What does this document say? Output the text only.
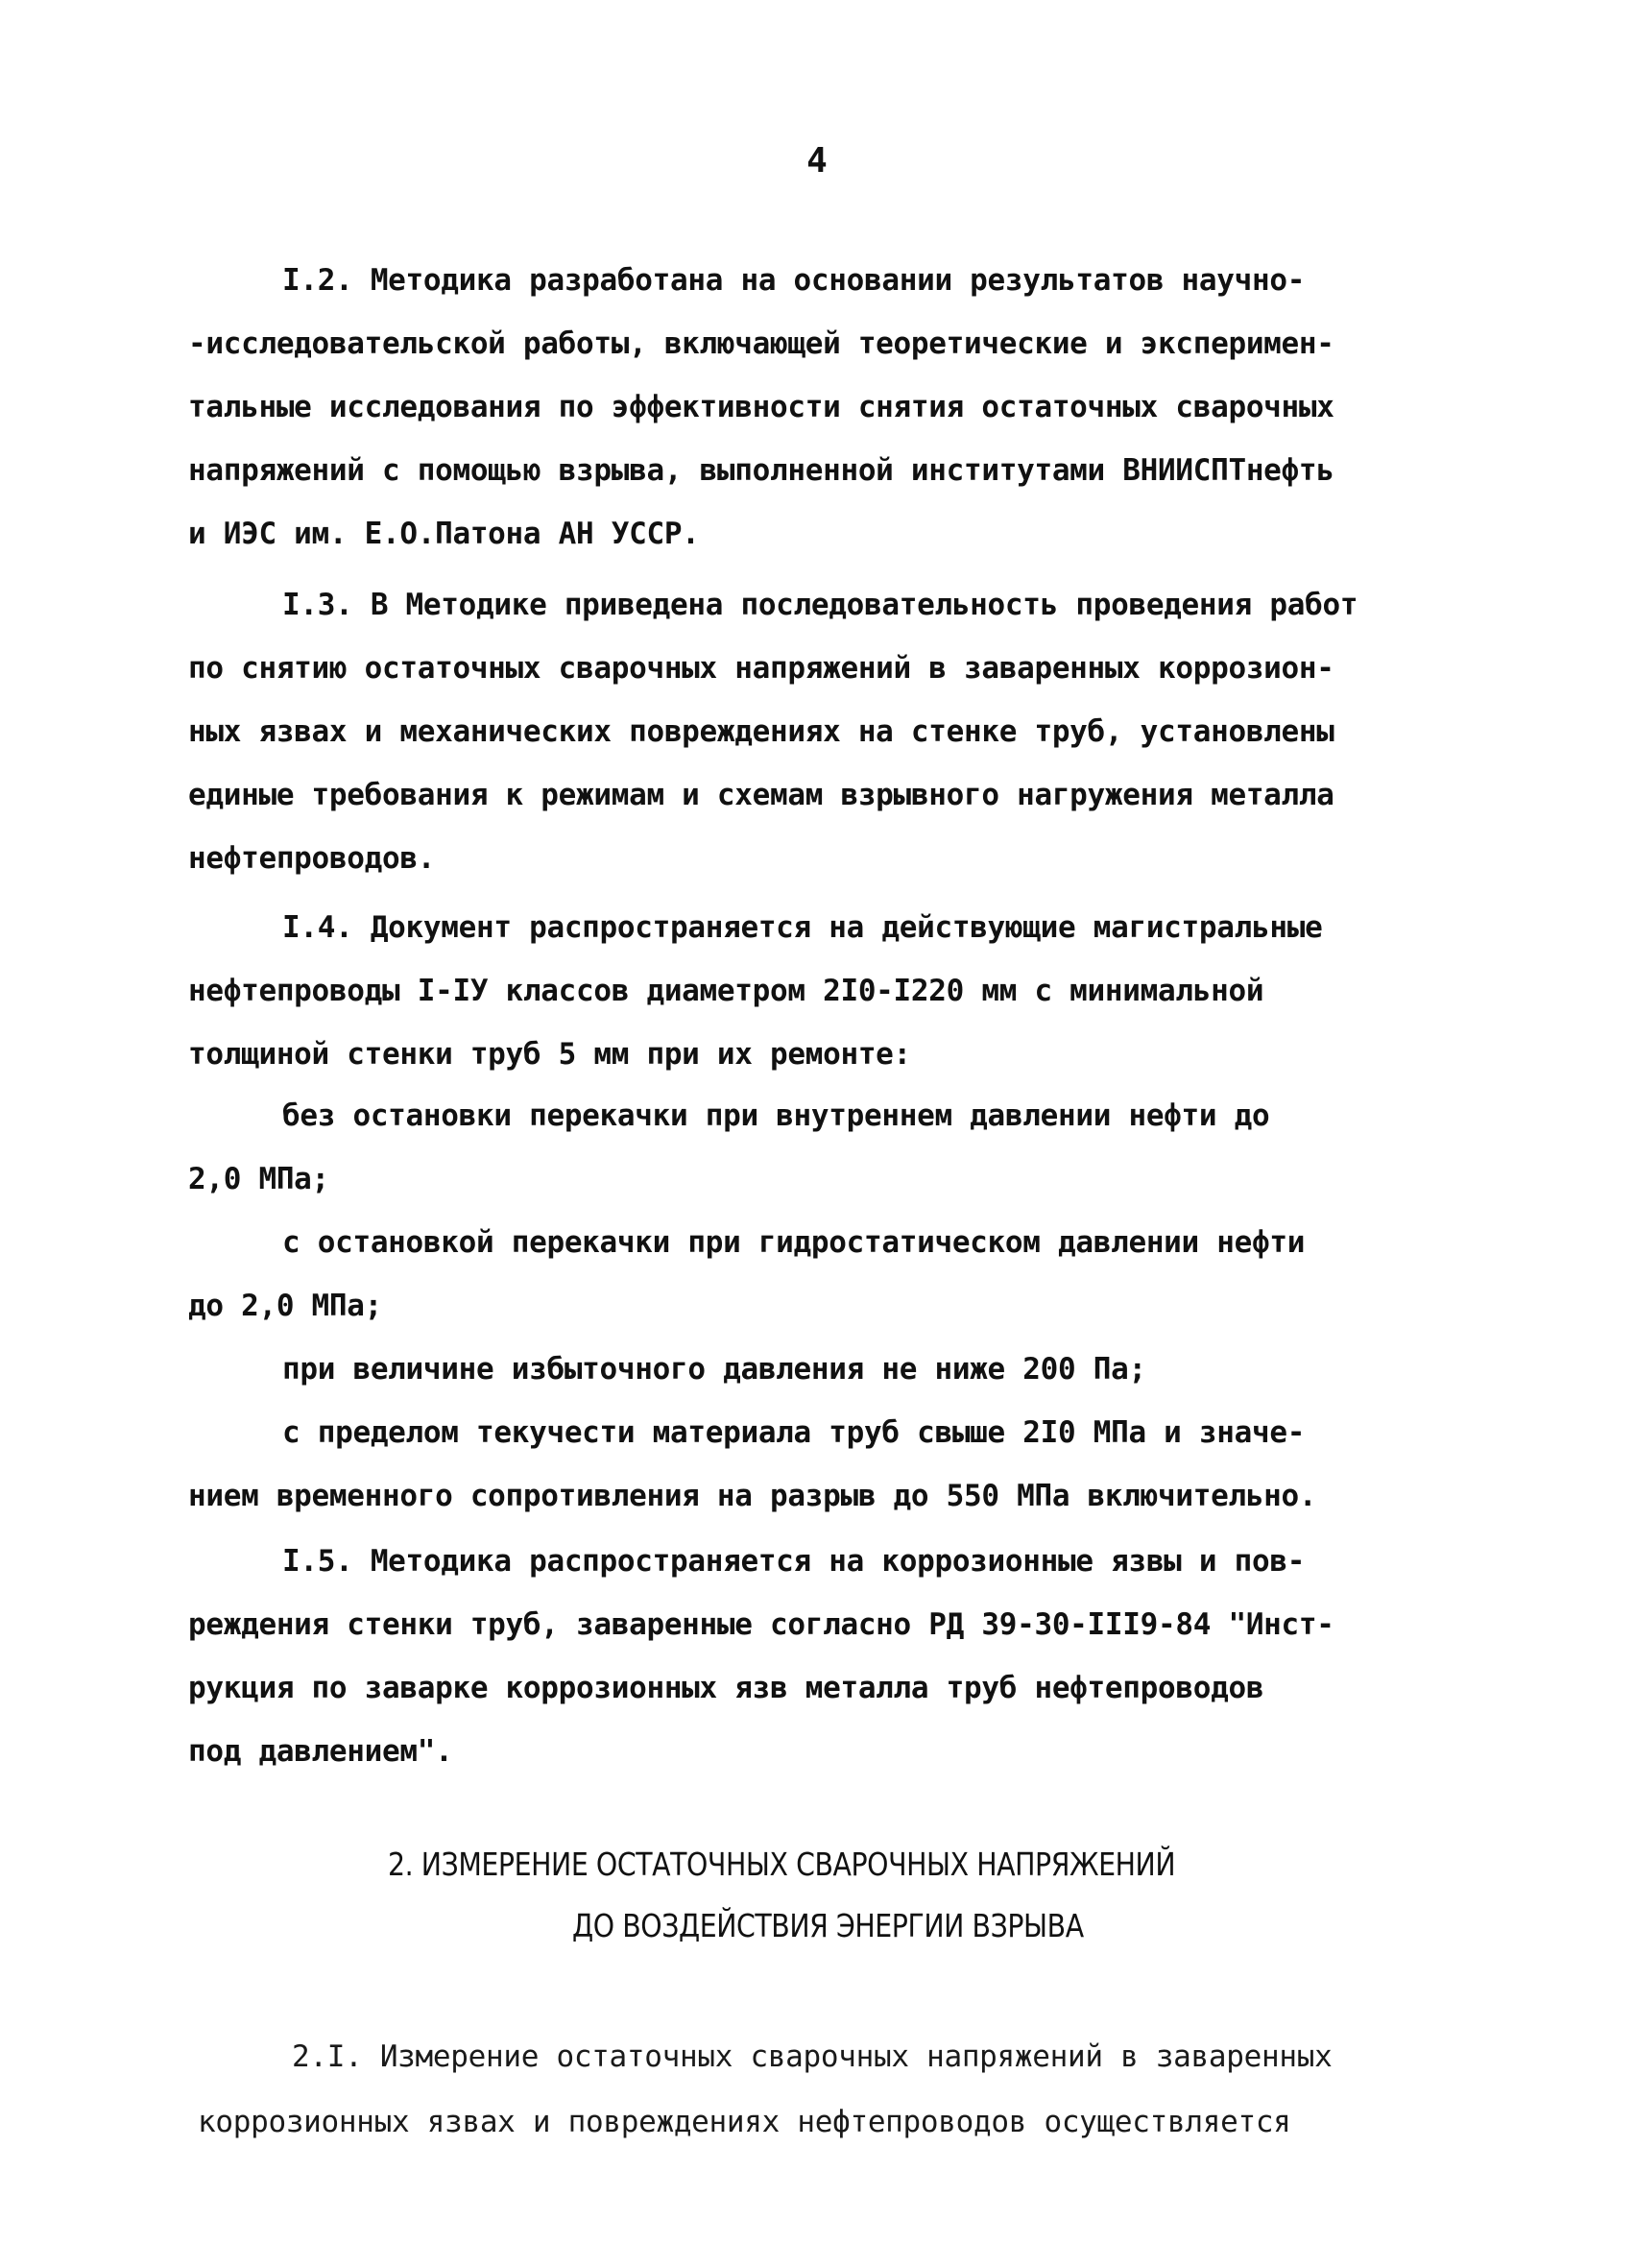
4
I.2. Методика разработана на основании результатов научно-
-исследовательской работы, включающей теоретические и эксперимен-
тальные исследования по эффективности снятия остаточных сварочных
напряжений с помощью взрыва, выполненной институтами ВНИИСПТнефть
и ИЭС им. Е.О.Патона АН УССР.
I.3. В Методике приведена последовательность проведения работ
по снятию остаточных сварочных напряжений в заваренных коррозион-
ных язвах и механических повреждениях на стенке труб, установлены
единые требования к режимам и схемам взрывного нагружения металла
нефтепроводов.
I.4. Документ распространяется на действующие магистральные
нефтепроводы I-IУ классов диаметром 2I0-I220 мм с минимальной
толщиной стенки труб 5 мм при их ремонте:
без остановки перекачки при внутреннем давлении нефти до
2,0 МПа;
с остановкой перекачки при гидростатическом давлении нефти
до 2,0 МПа;
при величине избыточного давления не ниже 200 Па;
с пределом текучести материала труб свыше 2I0 МПа и значе-
нием временного сопротивления на разрыв до 550 МПа включительно.
I.5. Методика распространяется на коррозионные язвы и пов-
реждения стенки труб, заваренные согласно РД 39-30-III9-84 "Инст-
рукция по заварке коррозионных язв металла труб нефтепроводов
под давлением".
2. ИЗМЕРЕНИЕ ОСТАТОЧНЫХ СВАРОЧНЫХ НАПРЯЖЕНИЙ
ДО ВОЗДЕЙСТВИЯ ЭНЕРГИИ ВЗРЫВА
2.I. Измерение остаточных сварочных напряжений в заваренных
коррозионных язвах и повреждениях нефтепроводов осуществляется
